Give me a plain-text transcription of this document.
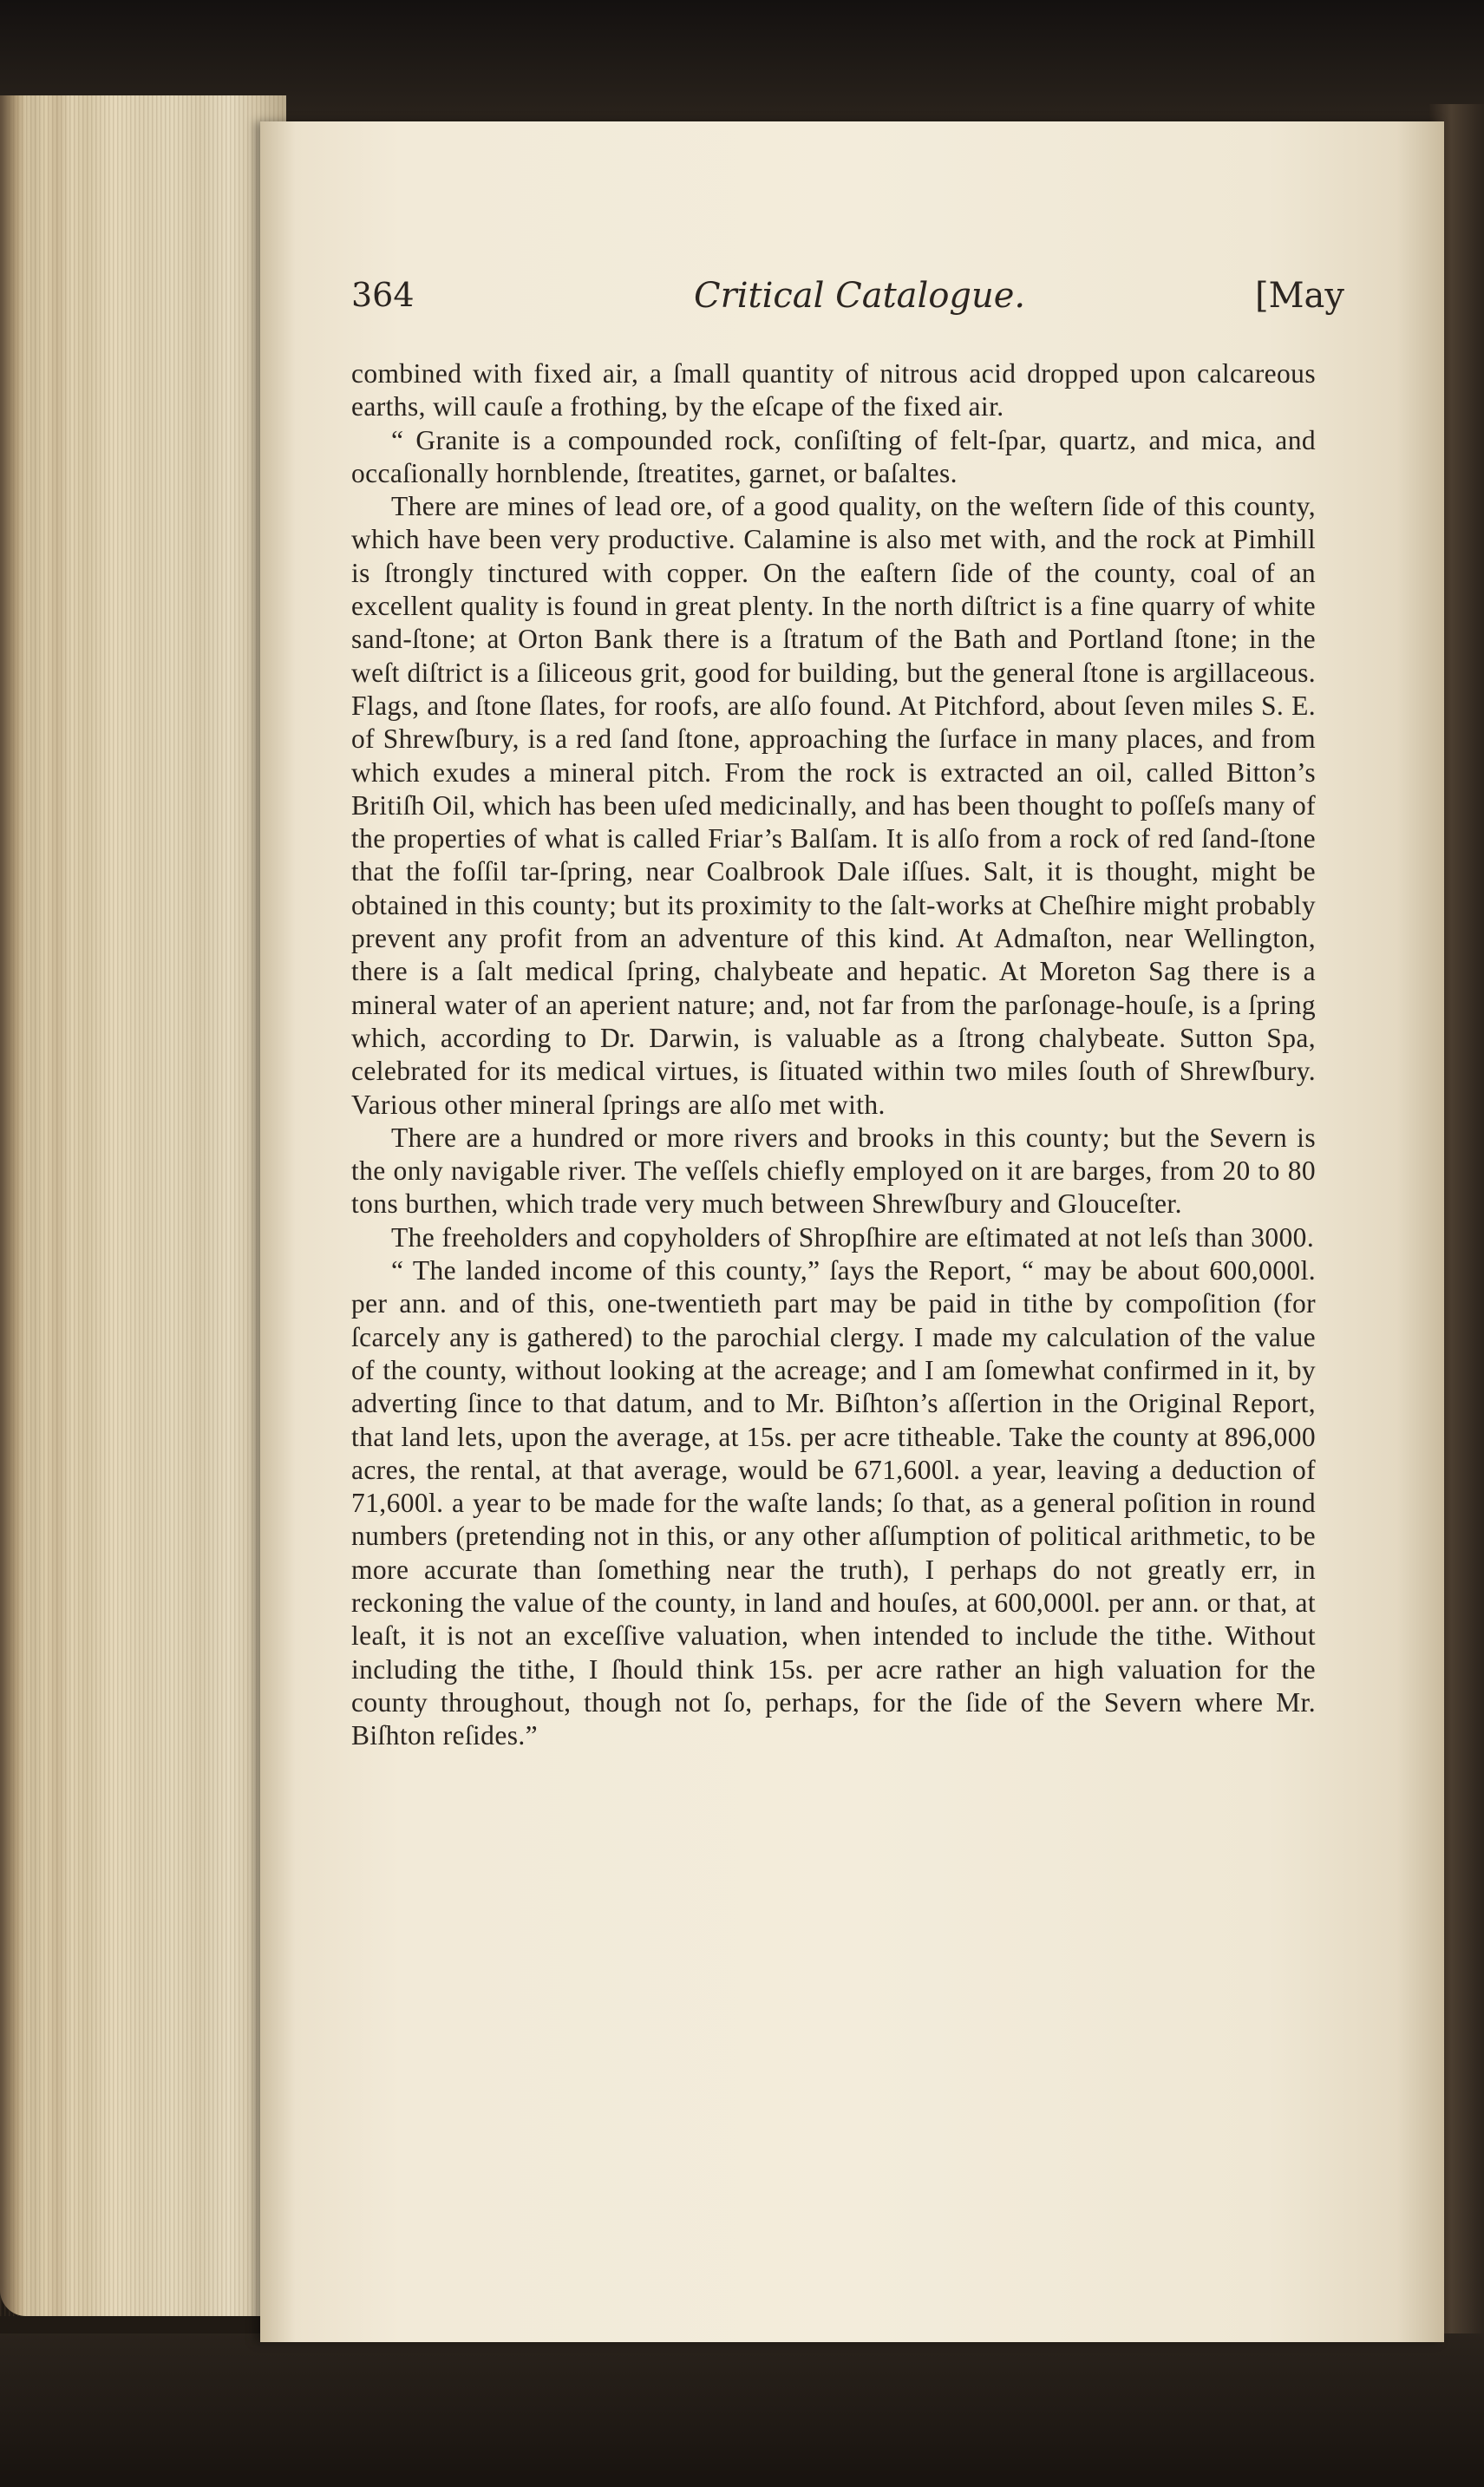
364	Critical Catalogue.	[May

combined with fixed air, a ſmall quantity of nitrous acid dropped upon calcareous earths, will cauſe a frothing, by the eſcape of the fixed air.

“ Granite is a compounded rock, conſiſting of felt-ſpar, quartz, and mica, and occaſionally hornblende, ſtreatites, garnet, or baſaltes.

There are mines of lead ore, of a good quality, on the weſtern ſide of this county, which have been very productive. Calamine is also met with, and the rock at Pimhill is ſtrongly tinctured with copper. On the eaſtern ſide of the county, coal of an excellent quality is found in great plenty. In the north diſtrict is a fine quarry of white sand-ſtone; at Orton Bank there is a ſtratum of the Bath and Portland ſtone; in the weſt diſtrict is a ſiliceous grit, good for building, but the general ſtone is argillaceous. Flags, and ſtone ſlates, for roofs, are alſo found. At Pitchford, about ſeven miles S. E. of Shrewſbury, is a red ſand ſtone, approaching the ſurface in many places, and from which exudes a mineral pitch. From the rock is extracted an oil, called Bitton’s Britiſh Oil, which has been uſed medicinally, and has been thought to poſſeſs many of the properties of what is called Friar’s Balſam. It is alſo from a rock of red ſand-ſtone that the foſſil tar-ſpring, near Coalbrook Dale iſſues. Salt, it is thought, might be obtained in this county; but its proximity to the ſalt-works at Cheſhire might probably prevent any profit from an adventure of this kind. At Admaſton, near Wellington, there is a ſalt medical ſpring, chalybeate and hepatic. At Moreton Sag there is a mineral water of an aperient nature; and, not far from the parſonage-houſe, is a ſpring which, according to Dr. Darwin, is valuable as a ſtrong chalybeate. Sutton Spa, celebrated for its medical virtues, is ſituated within two miles ſouth of Shrewſbury. Various other mineral ſprings are alſo met with.

There are a hundred or more rivers and brooks in this county; but the Severn is the only navigable river. The veſſels chiefly employed on it are barges, from 20 to 80 tons burthen, which trade very much between Shrewſbury and Glouceſter.

The freeholders and copyholders of Shropſhire are eſtimated at not leſs than 3000.

“ The landed income of this county,” ſays the Report, “ may be about 600,000l. per ann. and of this, one-twentieth part may be paid in tithe by compoſition (for ſcarcely any is gathered) to the parochial clergy. I made my calculation of the value of the county, without looking at the acreage; and I am ſomewhat confirmed in it, by adverting ſince to that datum, and to Mr. Biſhton’s aſſertion in the Original Report, that land lets, upon the average, at 15s. per acre titheable. Take the county at 896,000 acres, the rental, at that average, would be 671,600l. a year, leaving a deduction of 71,600l. a year to be made for the waſte lands; ſo that, as a general poſition in round numbers (pretending not in this, or any other aſſumption of political arithmetic, to be more accurate than ſomething near the truth), I perhaps do not greatly err, in reckoning the value of the county, in land and houſes, at 600,000l. per ann. or that, at leaſt, it is not an exceſſive valuation, when intended to include the tithe. Without including the tithe, I ſhould think 15s. per acre rather an high valuation for the county throughout, though not ſo, perhaps, for the ſide of the Severn where Mr. Biſhton reſides.”
